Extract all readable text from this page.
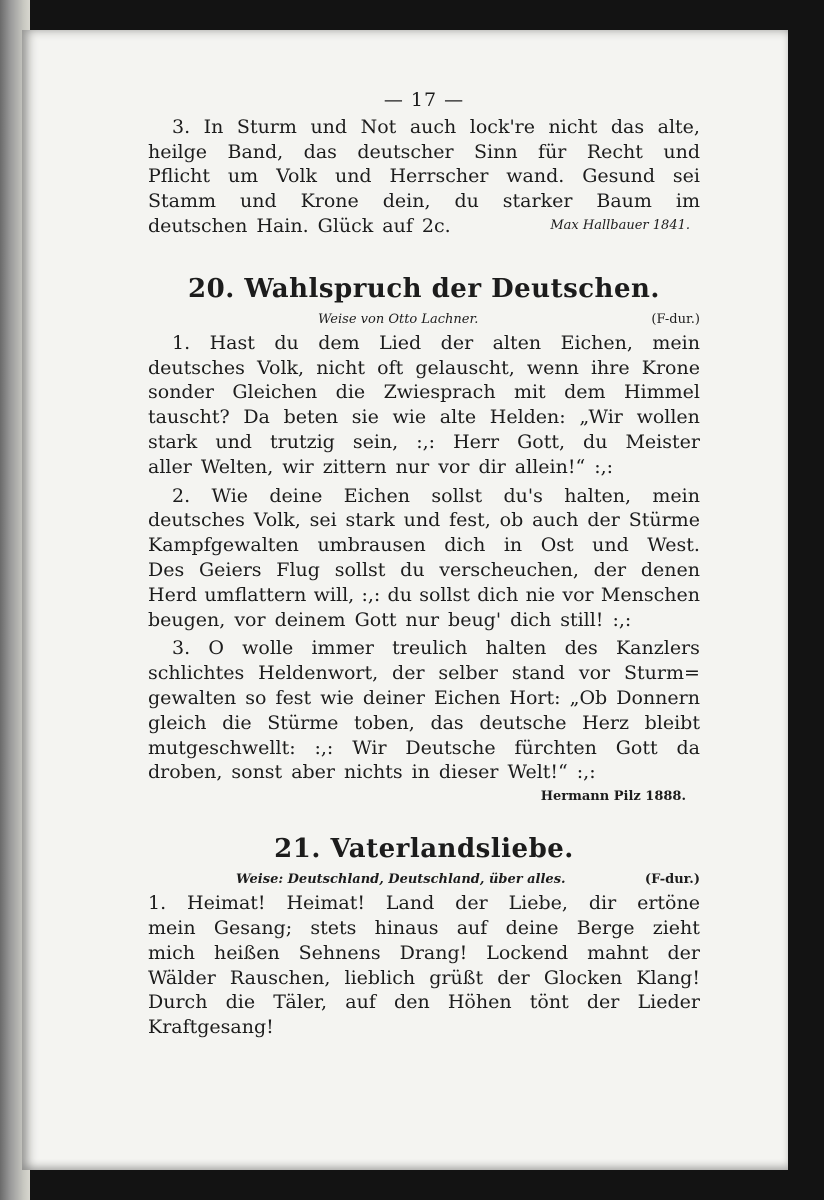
— 17 —
3. In Sturm und Not auch lock're nicht das alte,
heilge Band, das deutscher Sinn für Recht und
Pflicht um Volk und Herrscher wand. Gesund sei
Stamm und Krone dein, du starker Baum im
deutschen Hain. Glück auf 2c.	Max Hallbauer 1841.
20. Wahlspruch der Deutschen.
Weise von Otto Lachner.	(F-dur.)
1. Hast du dem Lied der alten Eichen, mein
deutsches Volk, nicht oft gelauscht, wenn ihre Krone
sonder Gleichen die Zwiesprach mit dem Himmel
tauscht? Da beten sie wie alte Helden: „Wir wollen
stark und trutzig sein, :,: Herr Gott, du Meister
aller Welten, wir zittern nur vor dir allein!“ :,:
2. Wie deine Eichen sollst du's halten, mein
deutsches Volk, sei stark und fest, ob auch der Stürme
Kampfgewalten umbrausen dich in Ost und West.
Des Geiers Flug sollst du verscheuchen, der denen
Herd umflattern will, :,: du sollst dich nie vor Menschen
beugen, vor deinem Gott nur beug' dich still! :,:
3. O wolle immer treulich halten des Kanzlers
schlichtes Heldenwort, der selber stand vor Sturm=
gewalten so fest wie deiner Eichen Hort: „Ob Donnern
gleich die Stürme toben, das deutsche Herz bleibt
mutgeschwellt: :,: Wir Deutsche fürchten Gott da
droben, sonst aber nichts in dieser Welt!“ :,:
Hermann Pilz 1888.
21. Vaterlandsliebe.
Weise: Deutschland, Deutschland, über alles.	(F-dur.)
1. Heimat! Heimat! Land der Liebe, dir ertöne
mein Gesang; stets hinaus auf deine Berge zieht
mich heißen Sehnens Drang! Lockend mahnt der
Wälder Rauschen, lieblich grüßt der Glocken Klang!
Durch die Täler, auf den Höhen tönt der Lieder
Kraftgesang!
